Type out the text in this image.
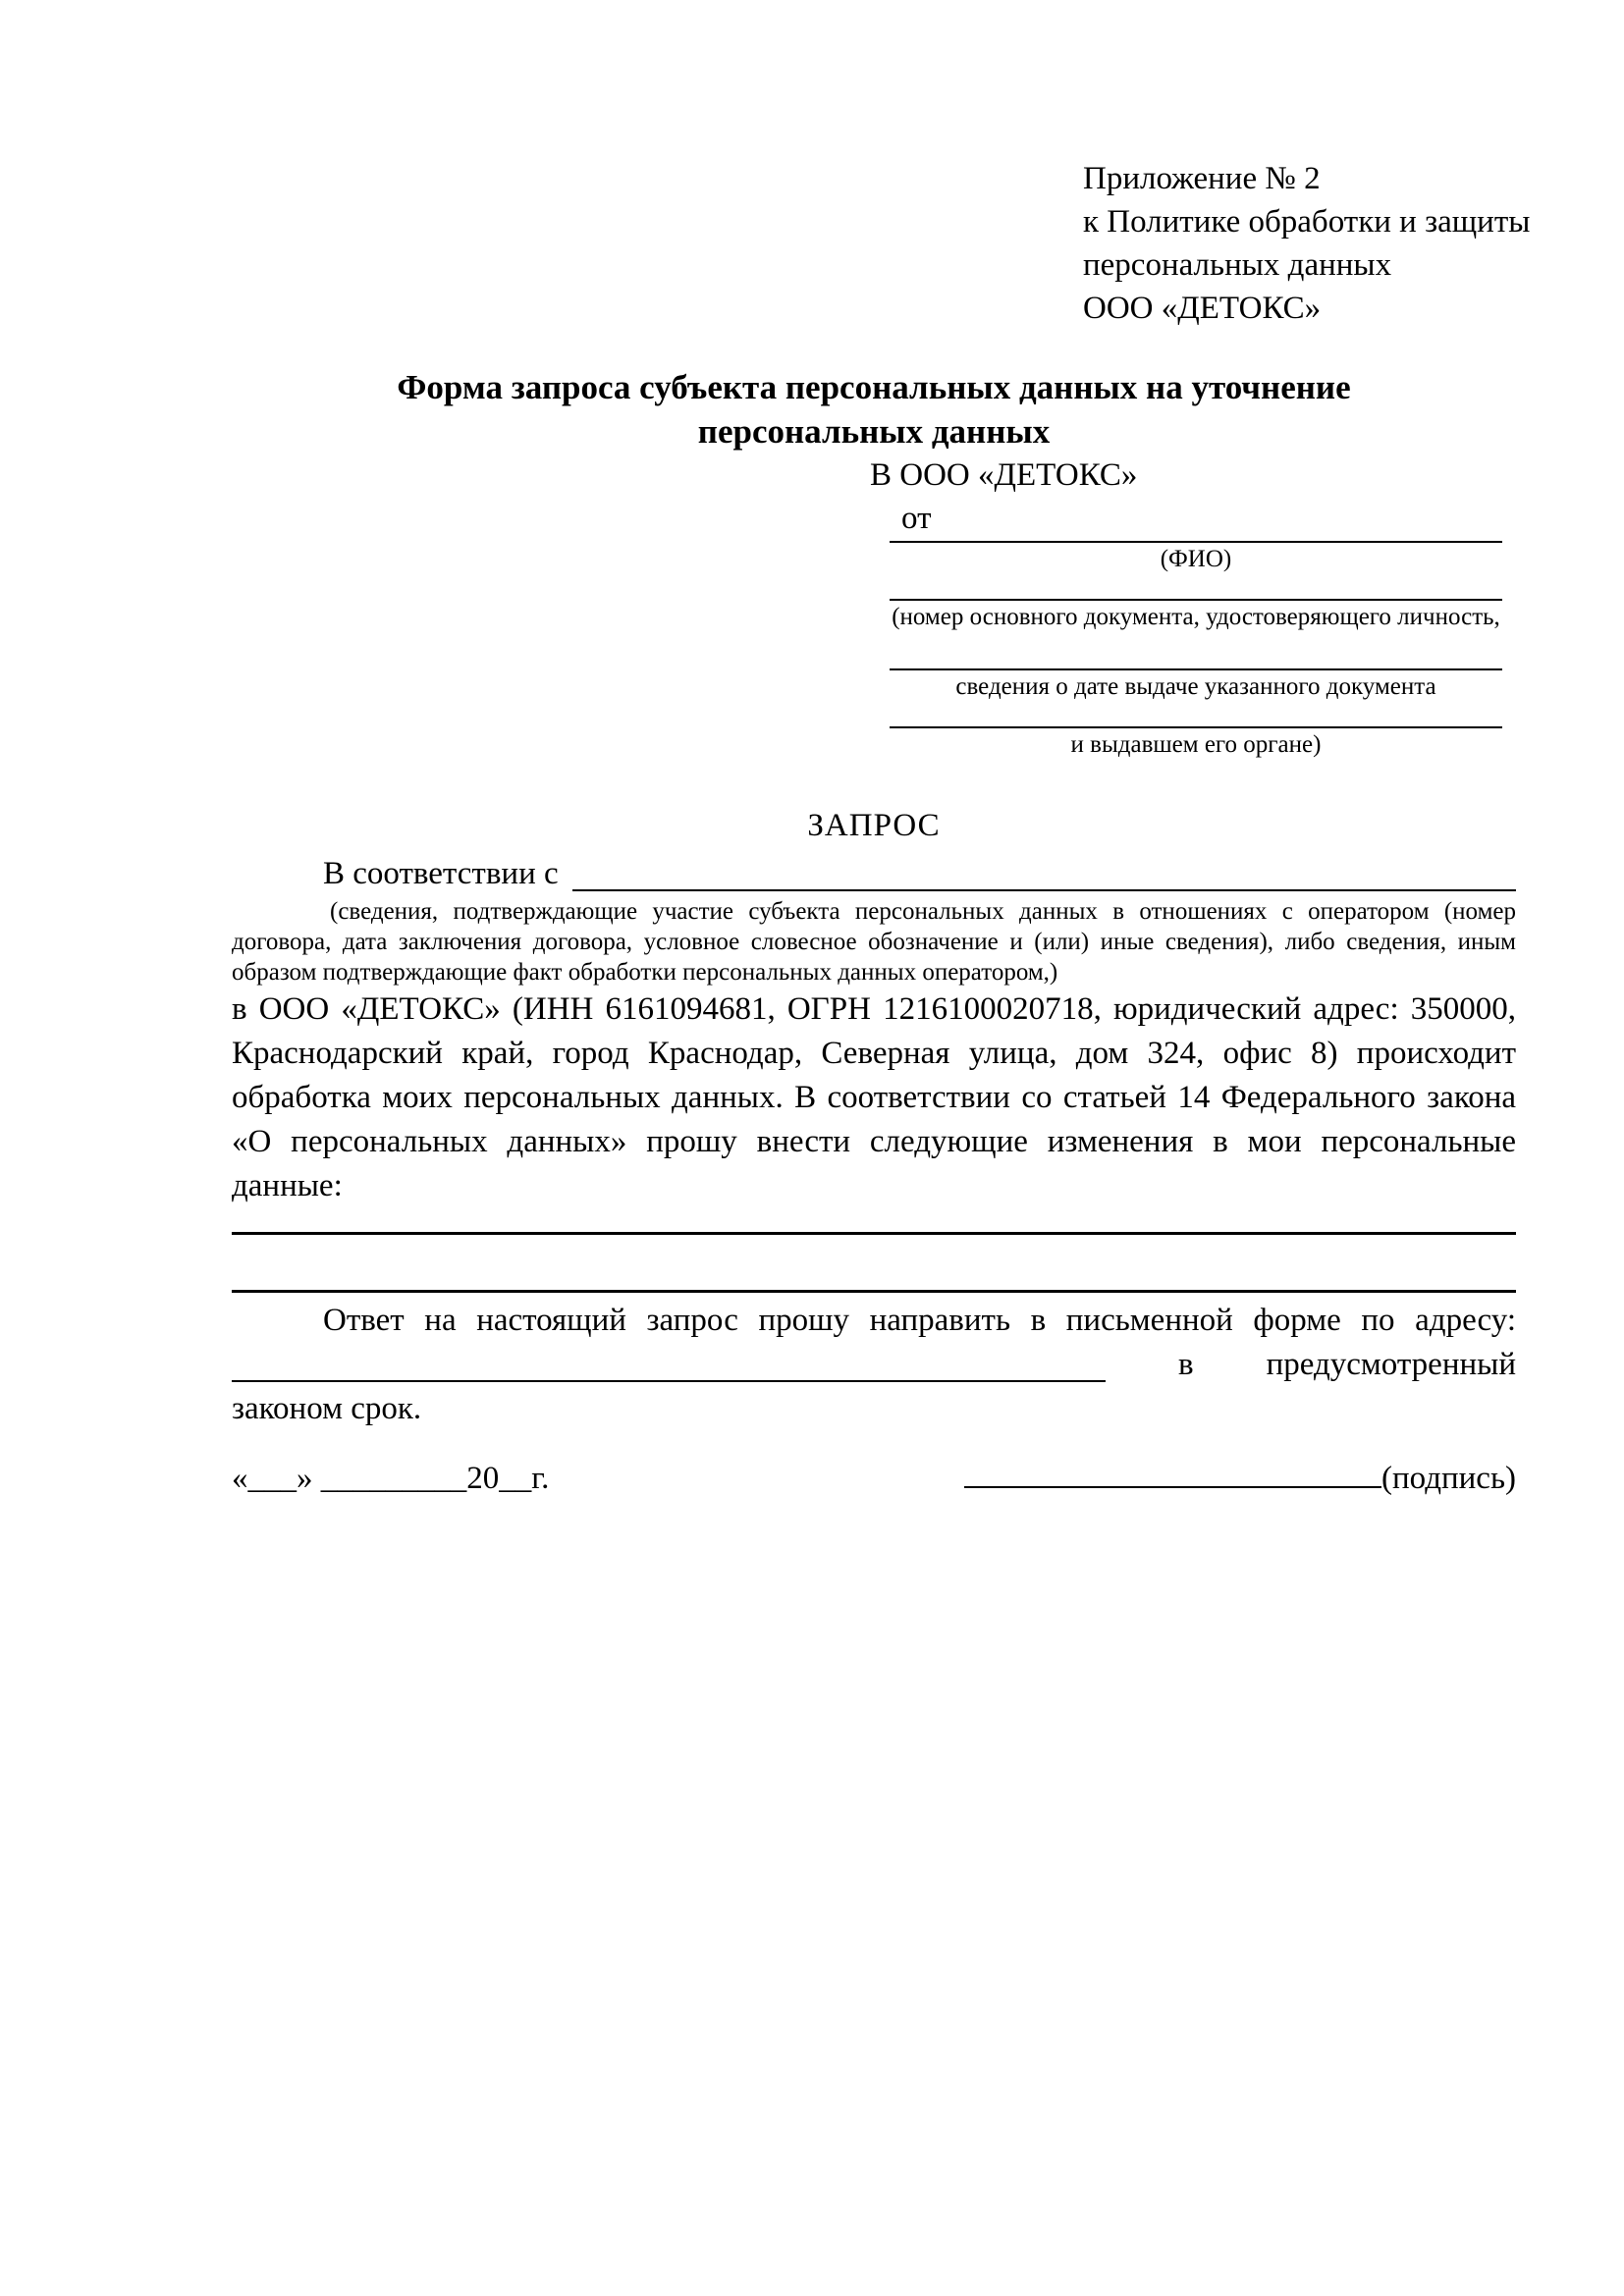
Приложение № 2
к Политике обработки и защиты
персональных данных
ООО «ДЕТОКС»
Форма запроса субъекта персональных данных на уточнение персональных данных
В ООО «ДЕТОКС»
от
(ФИО)
(номер основного документа, удостоверяющего личность,
сведения о дате выдаче указанного документа
и выдавшем его органе)
ЗАПРОС
В соответствии с
(сведения, подтверждающие участие субъекта персональных данных в отношениях с оператором (номер договора, дата заключения договора, условное словесное обозначение и (или) иные сведения), либо сведения, иным образом подтверждающие факт обработки персональных данных оператором,)
в ООО «ДЕТОКС» (ИНН 6161094681, ОГРН 1216100020718, юридический адрес: 350000, Краснодарский край, город Краснодар, Северная улица, дом 324, офис 8) происходит обработка моих персональных данных. В соответствии со статьей 14 Федерального закона «О персональных данных» прошу внести следующие изменения в мои персональные данные:
Ответ на настоящий запрос прошу направить в письменной форме по адресу:
в предусмотренный
законом срок.
«___» _________20__г.	(подпись)
